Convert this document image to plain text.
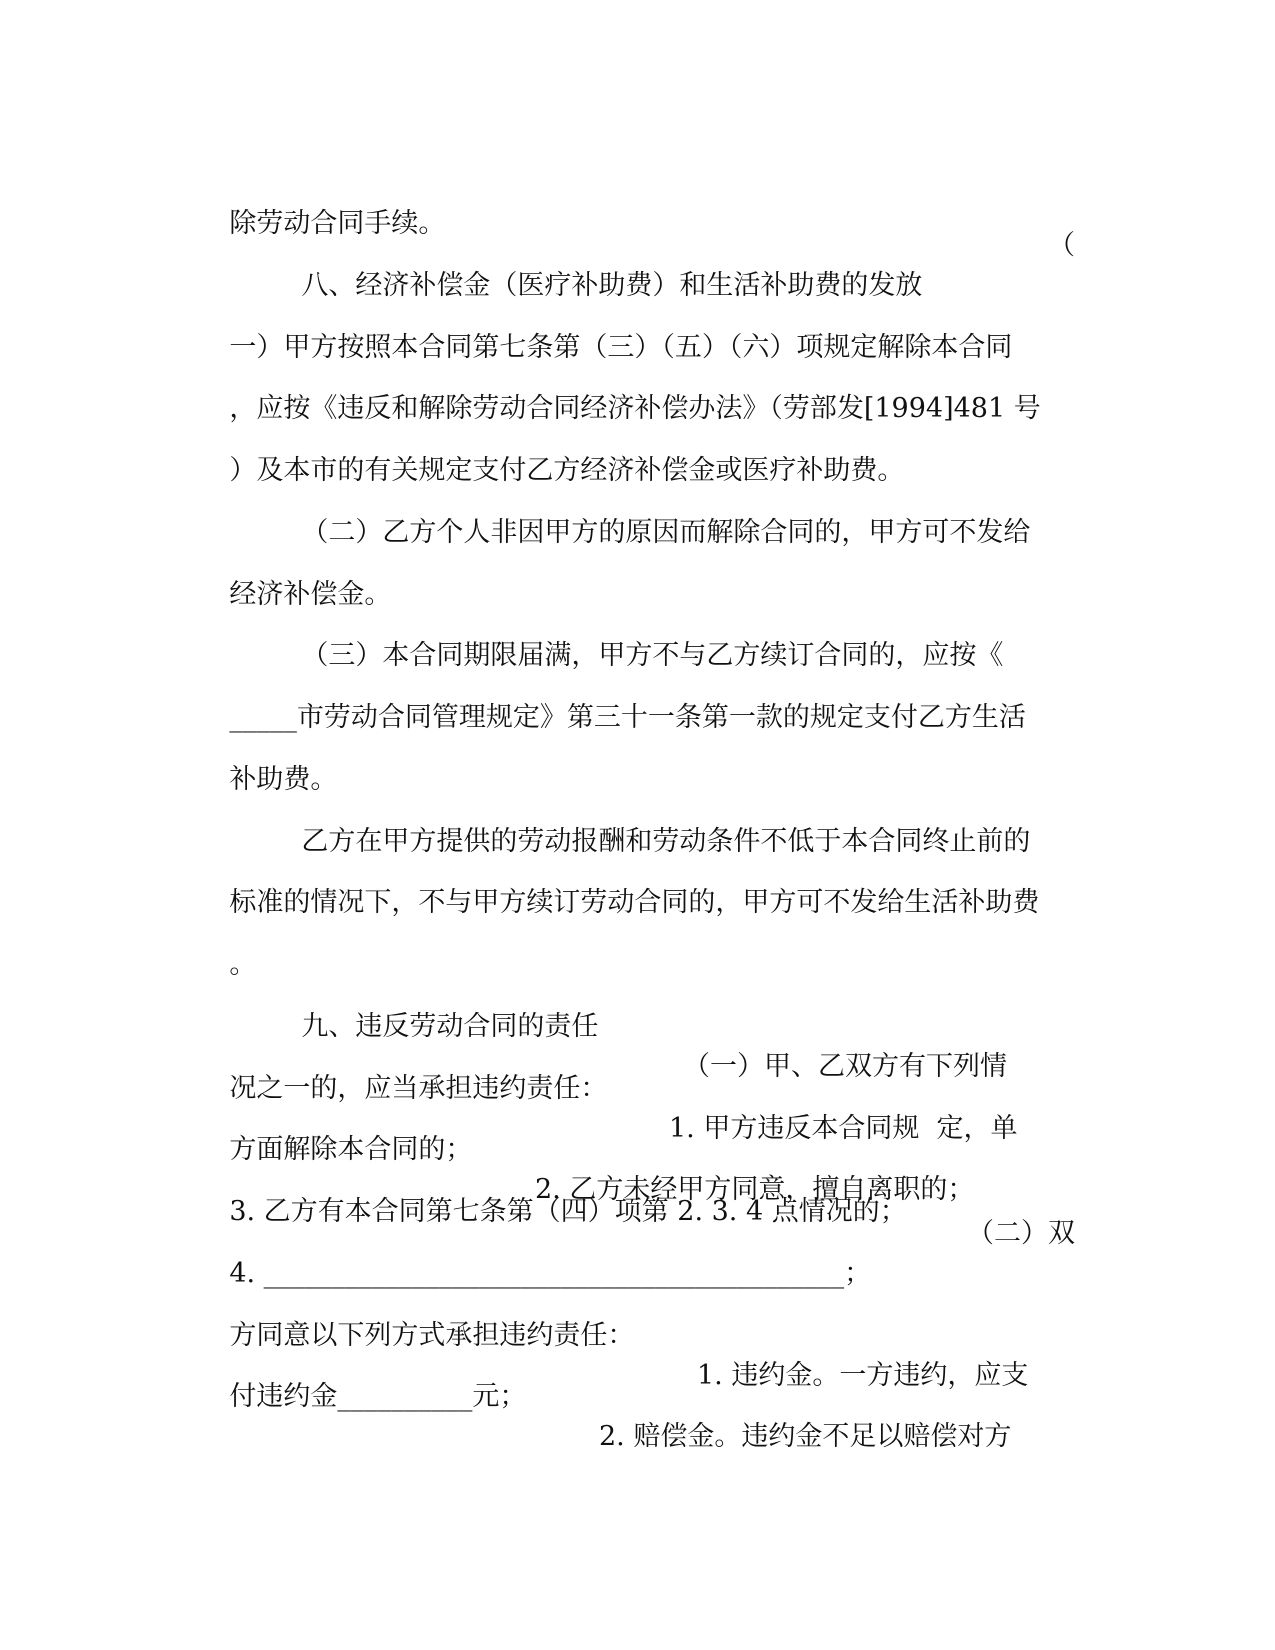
除劳动合同手续。

八、经济补偿金（医疗补助费）和生活补助费的发放

（

一）甲方按照本合同第七条第（三）（五）（六）项规定解除本合同

，应按《违反和解除劳动合同经济补偿办法》（劳部发[1994]481 号

）及本市的有关规定支付乙方经济补偿金或医疗补助费。

（二）乙方个人非因甲方的原因而解除合同的，甲方可不发给

经济补偿金。

（三）本合同期限届满，甲方不与乙方续订合同的，应按《

_____市劳动合同管理规定》第三十一条第一款的规定支付乙方生活

补助费。

乙方在甲方提供的劳动报酬和劳动条件不低于本合同终止前的

标准的情况下，不与甲方续订劳动合同的，甲方可不发给生活补助费

。

九、违反劳动合同的责任

（一）甲、乙双方有下列情

况之一的，应当承担违约责任：

1. 甲方违反本合同规  定，单

方面解除本合同的；

2. 乙方未经甲方同意，擅自离职的；

3. 乙方有本合同第七条第（四）项第 2. 3. 4 点情况的；

4. ___________________________________________；

（二）双

方同意以下列方式承担违约责任：

1. 违约金。一方违约，应支

付违约金__________元；

2. 赔偿金。违约金不足以赔偿对方
